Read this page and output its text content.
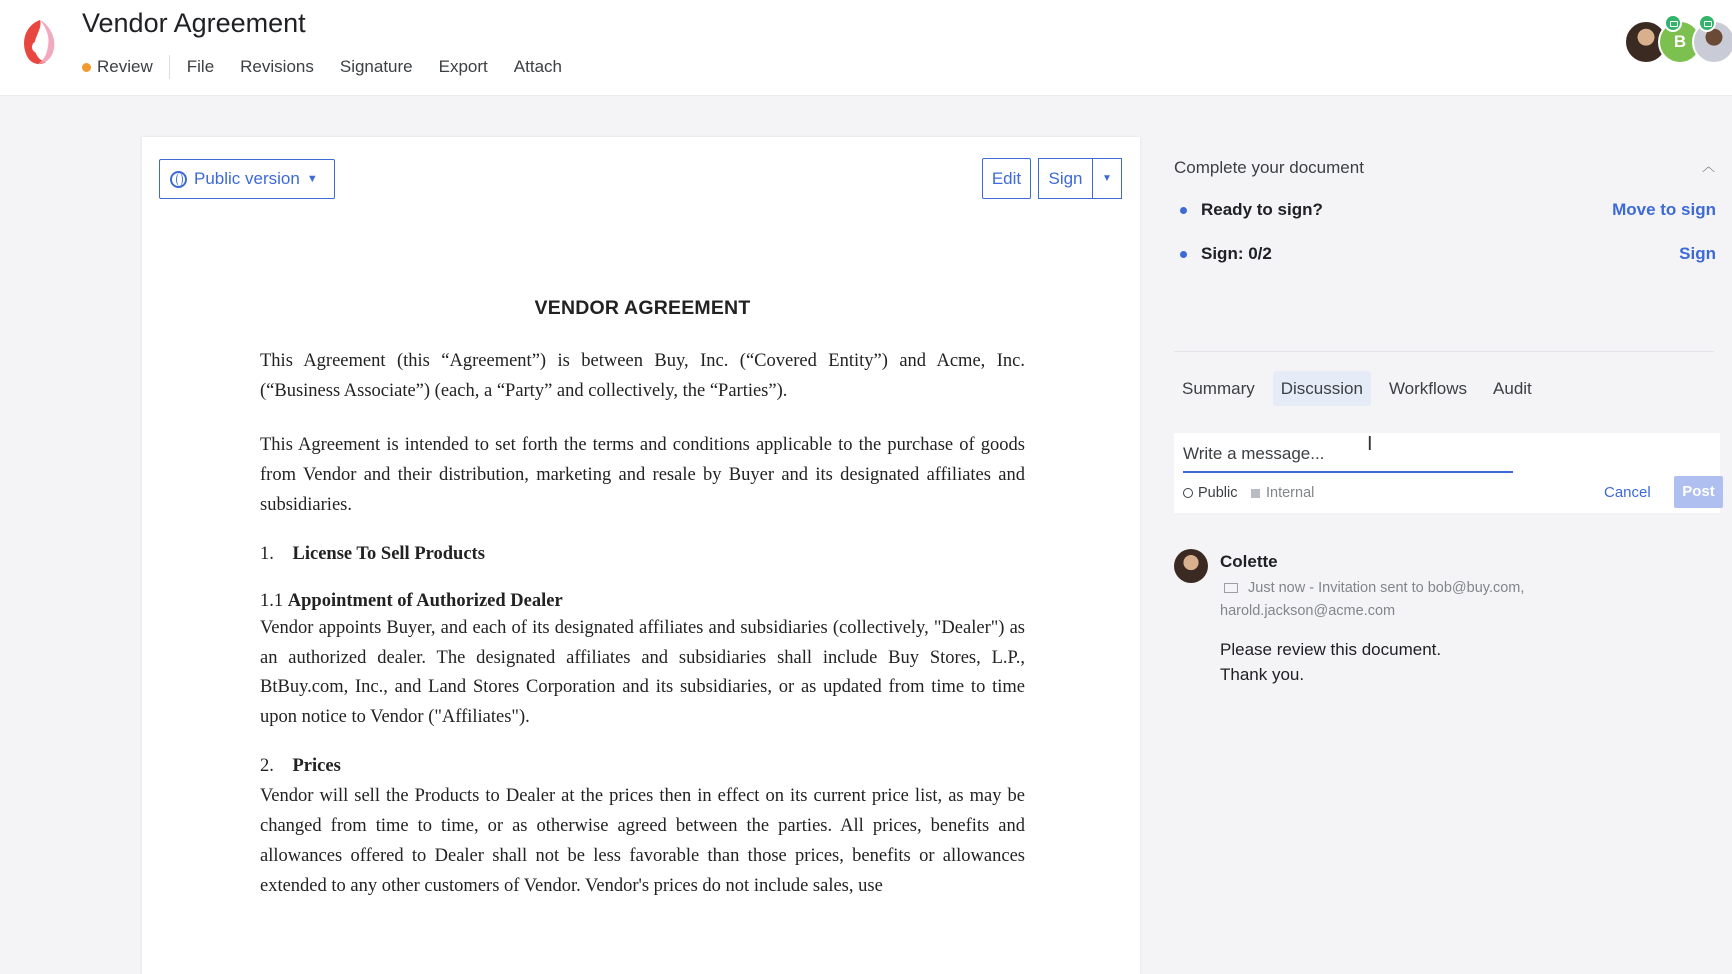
Vendor Agreement
Review File Revisions Signature Export Attach
B
Public version ▼	Edit	Sign	▼
VENDOR AGREEMENT

This Agreement (this “Agreement”) is between Buy, Inc. (“Covered Entity”) and Acme, Inc. (“Business Associate”) (each, a “Party” and collectively, the “Parties”).

This Agreement is intended to set forth the terms and conditions applicable to the purchase of goods from Vendor and their distribution, marketing and resale by Buyer and its designated affiliates and subsidiaries.

1. License To Sell Products
1.1 Appointment of Authorized Dealer

Vendor appoints Buyer, and each of its designated affiliates and subsidiaries (collectively, "Dealer") as an authorized dealer. The designated affiliates and subsidiaries shall include Buy Stores, L.P., BtBuy.com, Inc., and Land Stores Corporation and its subsidiaries, or as updated from time to time upon notice to Vendor ("Affiliates").

2. Prices

Vendor will sell the Products to Dealer at the prices then in effect on its current price list, as may be changed from time to time, or as otherwise agreed between the parties. All prices, benefits and allowances offered to Dealer shall not be less favorable than those prices, benefits or allowances extended to any other customers of Vendor. Vendor's prices do not include sales, use

Complete your document	︿
Ready to sign?	Move to sign
Sign: 0/2	Sign
Summary	Discussion	Workflows	Audit
Write a message...
I
Public Internal	Cancel	Post
Colette
Just now - Invitation sent to bob@buy.com, harold.jackson@acme.com
Please review this document.
Thank you.
